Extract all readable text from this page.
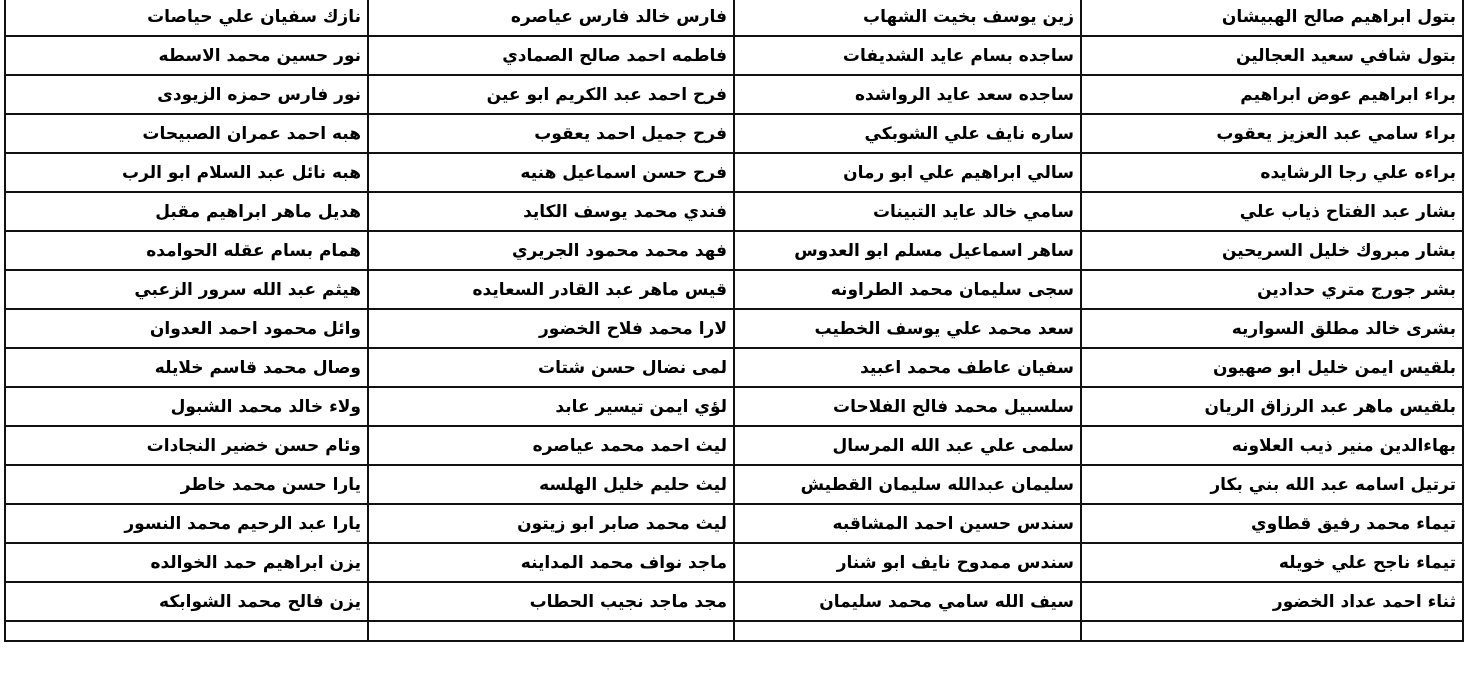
بتول ابراهيم صالح الهبيشان	زين يوسف بخيت الشهاب	فارس خالد فارس عياصره	نازك سفيان علي حياصات
بتول شافي سعيد العجالين	ساجده بسام عايد الشديفات	فاطمه احمد صالح الصمادي	نور حسين محمد الاسطه
براء ابراهيم عوض ابراهيم	ساجده سعد عايد الرواشده	فرح احمد عبد الكريم ابو عين	نور فارس حمزه الزيودى
براء سامي عبد العزيز يعقوب	ساره نايف علي الشوبكي	فرح جميل احمد يعقوب	هبه احمد عمران الصبيحات
براءه علي رجا الرشايده	سالي ابراهيم علي ابو رمان	فرح حسن اسماعيل هنيه	هبه نائل عبد السلام ابو الرب
بشار عبد الفتاح ذياب علي	سامي خالد عايد التبينات	فندي محمد يوسف الكايد	هديل ماهر ابراهيم مقبل
بشار مبروك خليل السريحين	ساهر اسماعيل مسلم ابو العدوس	فهد محمد محمود الجريري	همام بسام عقله الحوامده
بشر جورج متري حدادين	سجى سليمان محمد الطراونه	قيس ماهر عبد القادر السعايده	هيثم عبد الله سرور الزعبي
بشرى خالد مطلق السواريه	سعد محمد علي يوسف الخطيب	لارا محمد فلاح الخضور	وائل محمود احمد العدوان
بلقيس ايمن خليل ابو صهيون	سفيان عاطف محمد اعبيد	لمى نضال حسن شتات	وصال محمد قاسم خلايله
بلقيس ماهر عبد الرزاق الريان	سلسبيل محمد فالح الفلاحات	لؤي ايمن تيسير عابد	ولاء خالد محمد الشبول
بهاءالدين منير ذيب العلاونه	سلمى علي عبد الله المرسال	ليث احمد محمد عياصره	وئام حسن خضير النجادات
ترتيل اسامه عبد الله بني بكار	سليمان عبدالله سليمان القطيش	ليث حليم خليل الهلسه	يارا حسن محمد خاطر
تيماء محمد رفيق قطاوي	سندس حسين احمد المشاقبه	ليث محمد صابر ابو زيتون	يارا عبد الرحيم محمد النسور
تيماء ناجح علي خويله	سندس ممدوح نايف ابو شنار	ماجد نواف محمد المداينه	يزن ابراهيم حمد الخوالده
ثناء احمد عداد الخضور	سيف الله سامي محمد سليمان	مجد ماجد نجيب الحطاب	يزن فالح محمد الشوابكه
